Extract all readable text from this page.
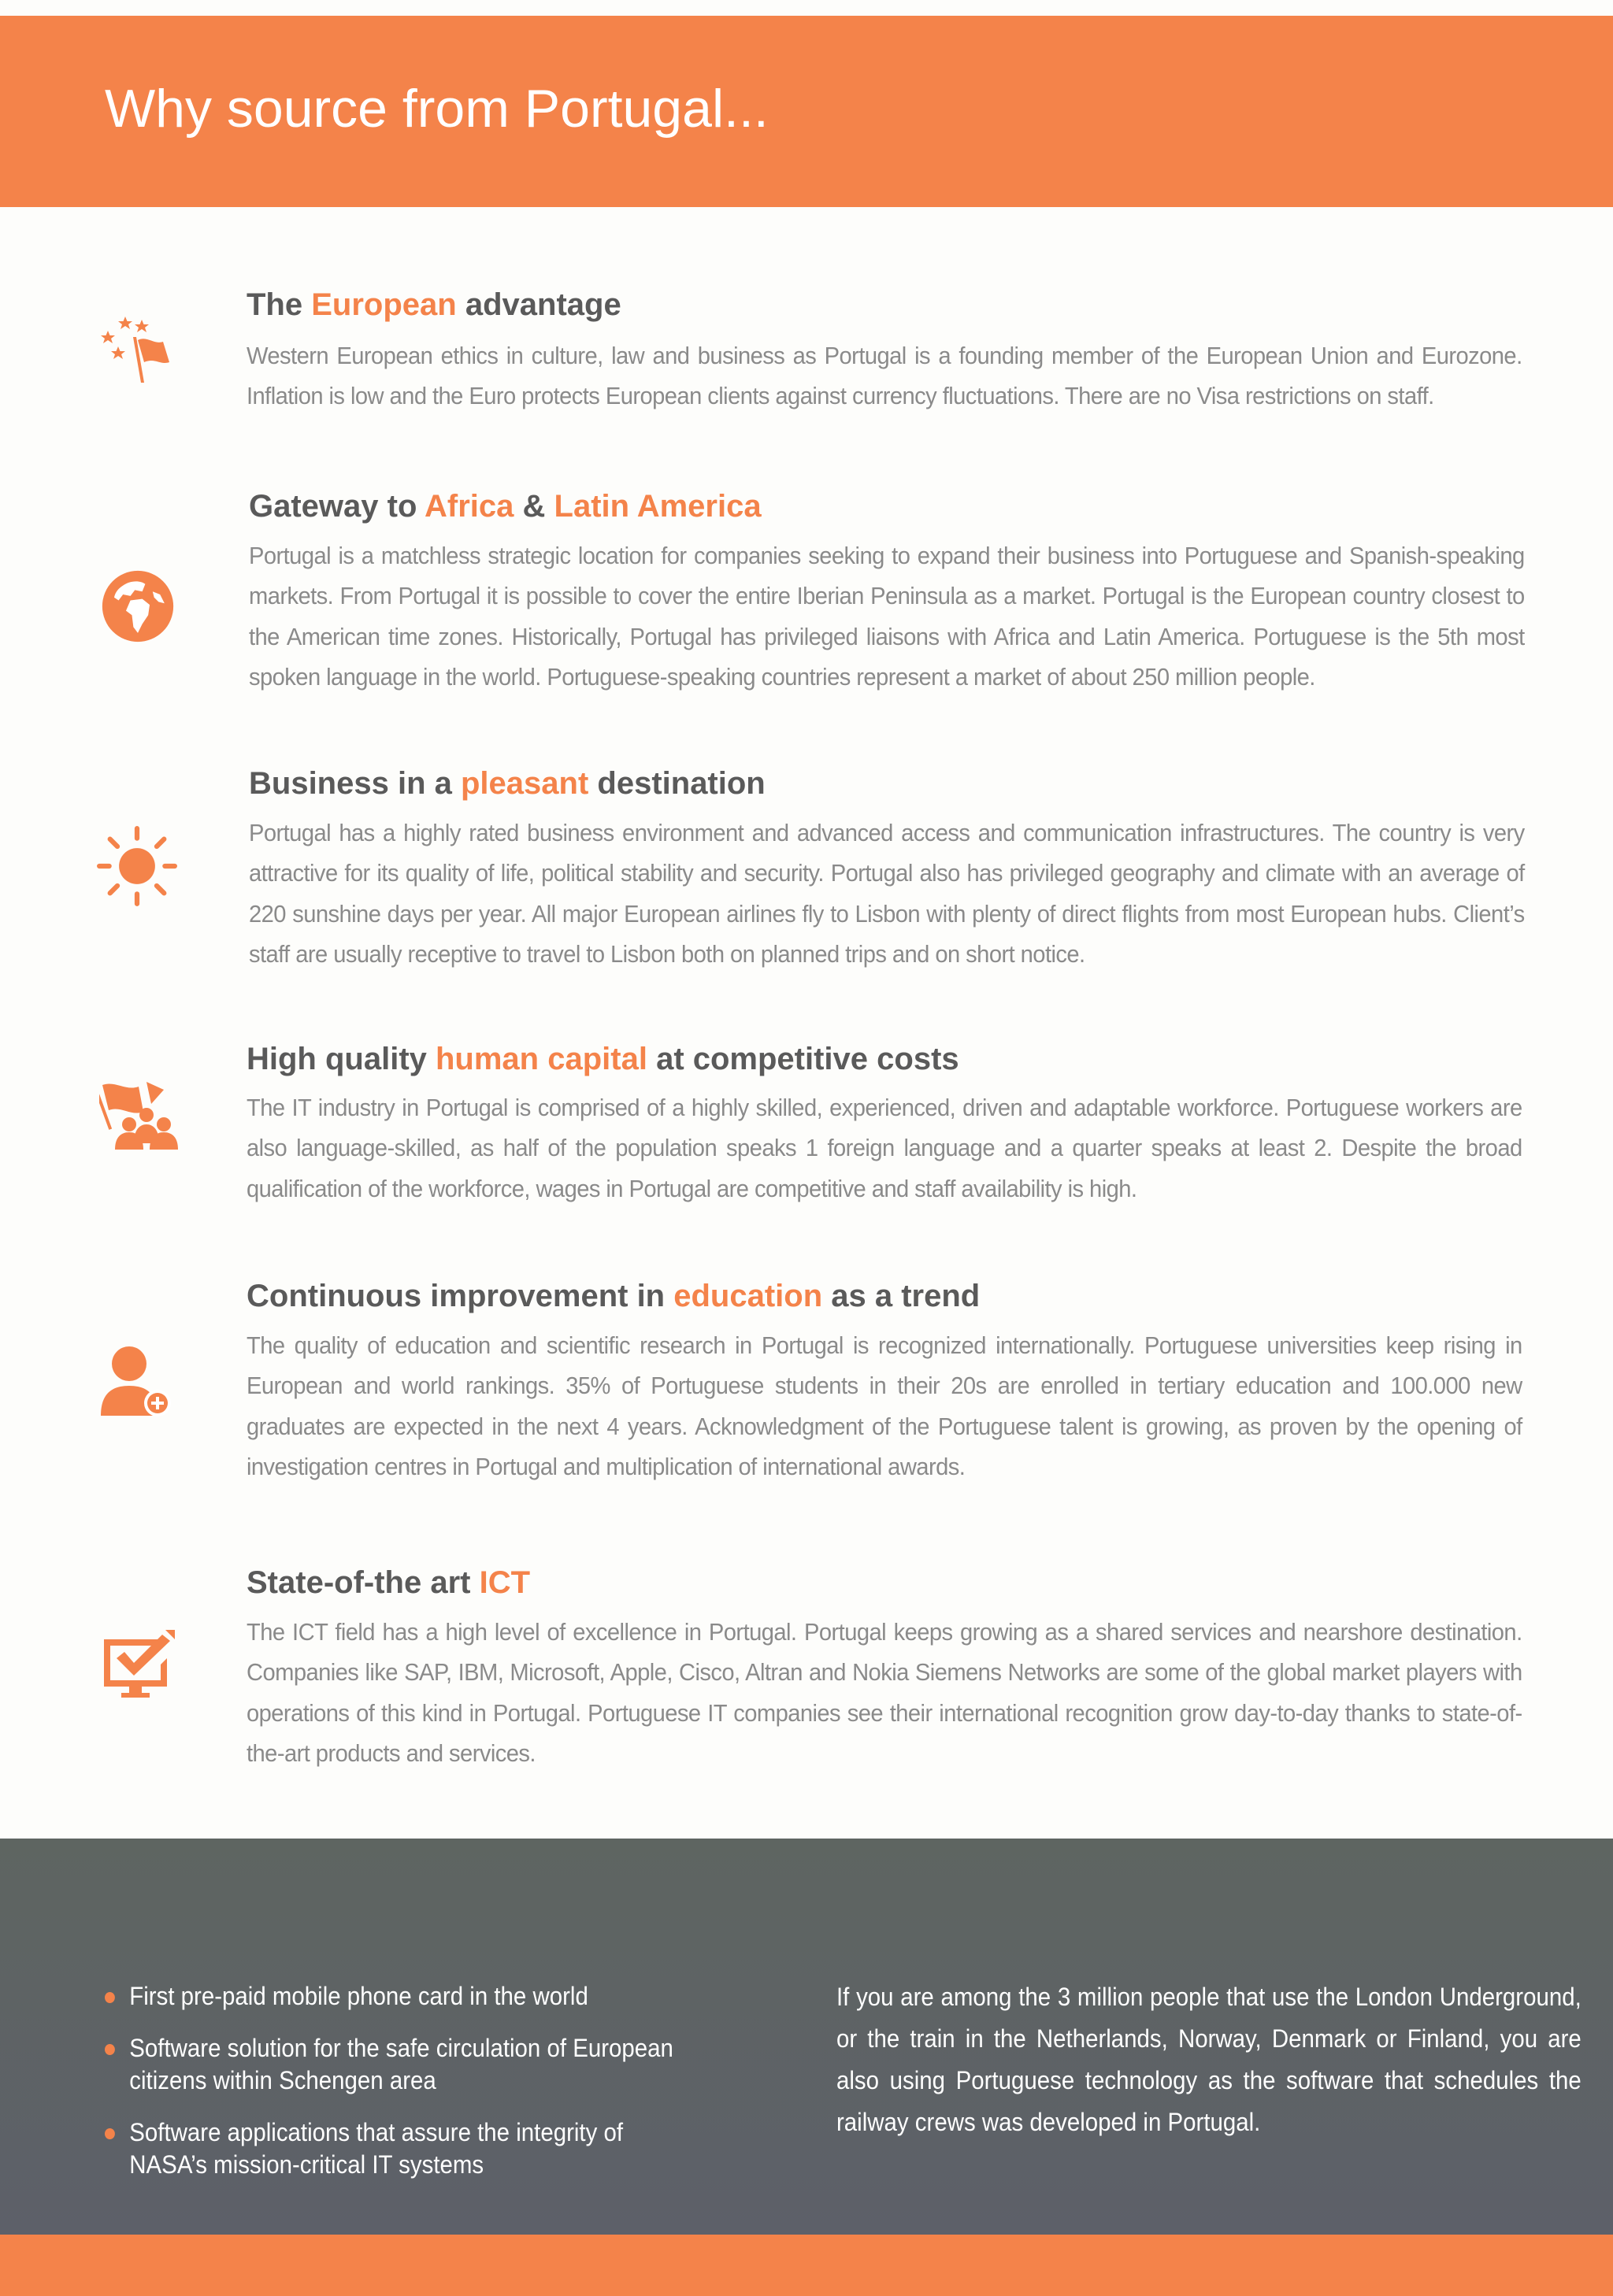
Why source from Portugal...
The European advantage

Western European ethics in culture, law and business as Portugal is a founding member of the European Union and Eurozone. Inflation is low and the Euro protects European clients against currency fluctuations. There are no Visa restrictions on staff.

Gateway to Africa & Latin America

Portugal is a matchless strategic location for companies seeking to expand their business into Portuguese and Spanish-speaking markets. From Portugal it is possible to cover the entire Iberian Peninsula as a market. Portugal is the European country closest to the American time zones. Historically, Portugal has privileged liaisons with Africa and Latin America. Portuguese is the 5th most spoken language in the world. Portuguese-speaking countries represent a market of about 250 million people.

Business in a pleasant destination

Portugal has a highly rated business environment and advanced access and communication infrastructures. The country is very attractive for its quality of life, political stability and security. Portugal also has privileged geography and climate with an average of 220 sunshine days per year. All major European airlines fly to Lisbon with plenty of direct flights from most European hubs. Client’s staff are usually receptive to travel to Lisbon both on planned trips and on short notice.

High quality human capital at competitive costs

The IT industry in Portugal is comprised of a highly skilled, experienced, driven and adaptable workforce. Portuguese workers are also language-skilled, as half of the population speaks 1 foreign language and a quarter speaks at least 2. Despite the broad qualification of the workforce, wages in Portugal are competitive and staff availability is high.

Continuous improvement in education as a trend

The quality of education and scientific research in Portugal is recognized internationally. Portuguese universities keep rising in European and world rankings. 35% of Portuguese students in their 20s are enrolled in tertiary education and 100.000 new graduates are expected in the next 4 years. Acknowledgment of the Portuguese talent is growing, as proven by the opening of investigation centres in Portugal and multiplication of international awards.

State-of-the art ICT

The ICT field has a high level of excellence in Portugal. Portugal keeps growing as a shared services and nearshore destination. Companies like SAP, IBM, Microsoft, Apple, Cisco, Altran and Nokia Siemens Networks are some of the global market players with operations of this kind in Portugal. Portuguese IT companies see their international recognition grow day-to-day thanks to state-of-the-art products and services.

First pre-paid mobile phone card in the world
Software solution for the safe circulation of European citizens within Schengen area
Software applications that assure the integrity of NASA’s mission-critical IT systems

If you are among the 3 million people that use the London Underground, or the train in the Netherlands, Norway, Denmark or Finland, you are also using Portuguese technology as the software that schedules the railway crews was developed in Portugal.
